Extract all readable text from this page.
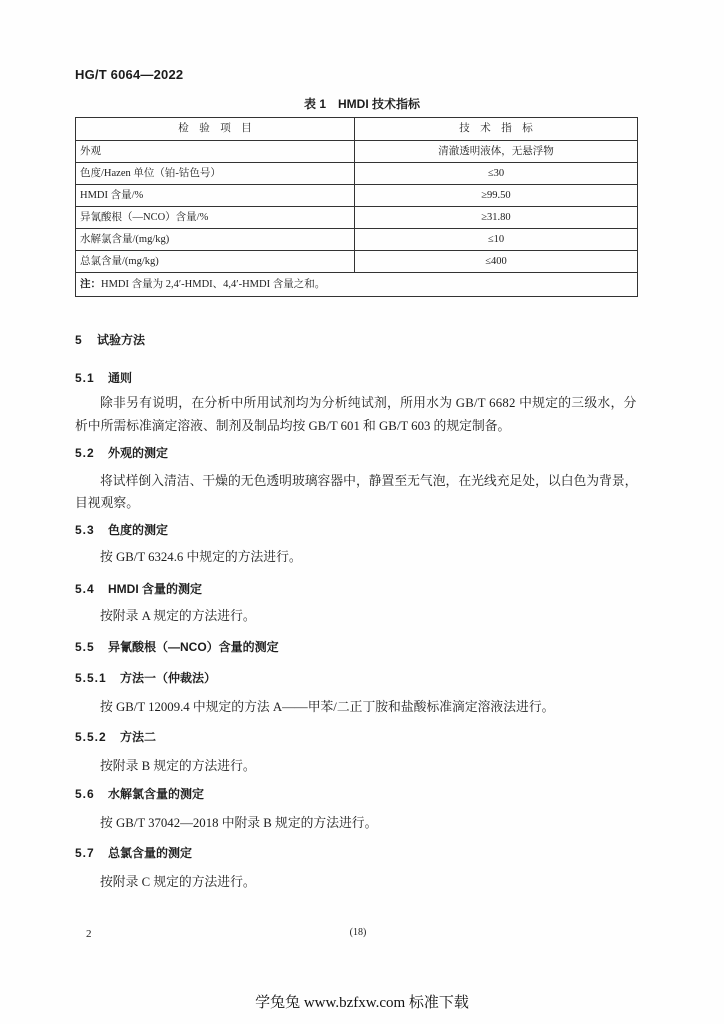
HG/T 6064—2022
表 1　HMDI 技术指标
检　验　项　目	技　术　指　标
外观	清澈透明液体，无悬浮物
色度/Hazen 单位（铂-钴色号）	≤30
HMDI 含量/%	≥99.50
异氰酸根（—NCO）含量/%	≥31.80
水解氯含量/(mg/kg)	≤10
总氯含量/(mg/kg)	≤400
注：HMDI 含量为 2,4′-HMDI、4,4′-HMDI 含量之和。	
5 试验方法
5.1 通则
除非另有说明，在分析中所用试剂均为分析纯试剂，所用水为 GB/T 6682 中规定的三级水，分
析中所需标准滴定溶液、制剂及制品均按 GB/T 601 和 GB/T 603 的规定制备。
5.2 外观的测定
将试样倒入清洁、干燥的无色透明玻璃容器中，静置至无气泡，在光线充足处，以白色为背景，
目视观察。
5.3 色度的测定
按 GB/T 6324.6 中规定的方法进行。
5.4 HMDI 含量的测定
按附录 A 规定的方法进行。
5.5 异氰酸根（—NCO）含量的测定
5.5.1 方法一（仲裁法）
按 GB/T 12009.4 中规定的方法 A——甲苯/二正丁胺和盐酸标准滴定溶液法进行。
5.5.2 方法二
按附录 B 规定的方法进行。
5.6 水解氯含量的测定
按 GB/T 37042—2018 中附录 B 规定的方法进行。
5.7 总氯含量的测定
按附录 C 规定的方法进行。
2	(18)
学兔兔 www.bzfxw.com 标准下载
